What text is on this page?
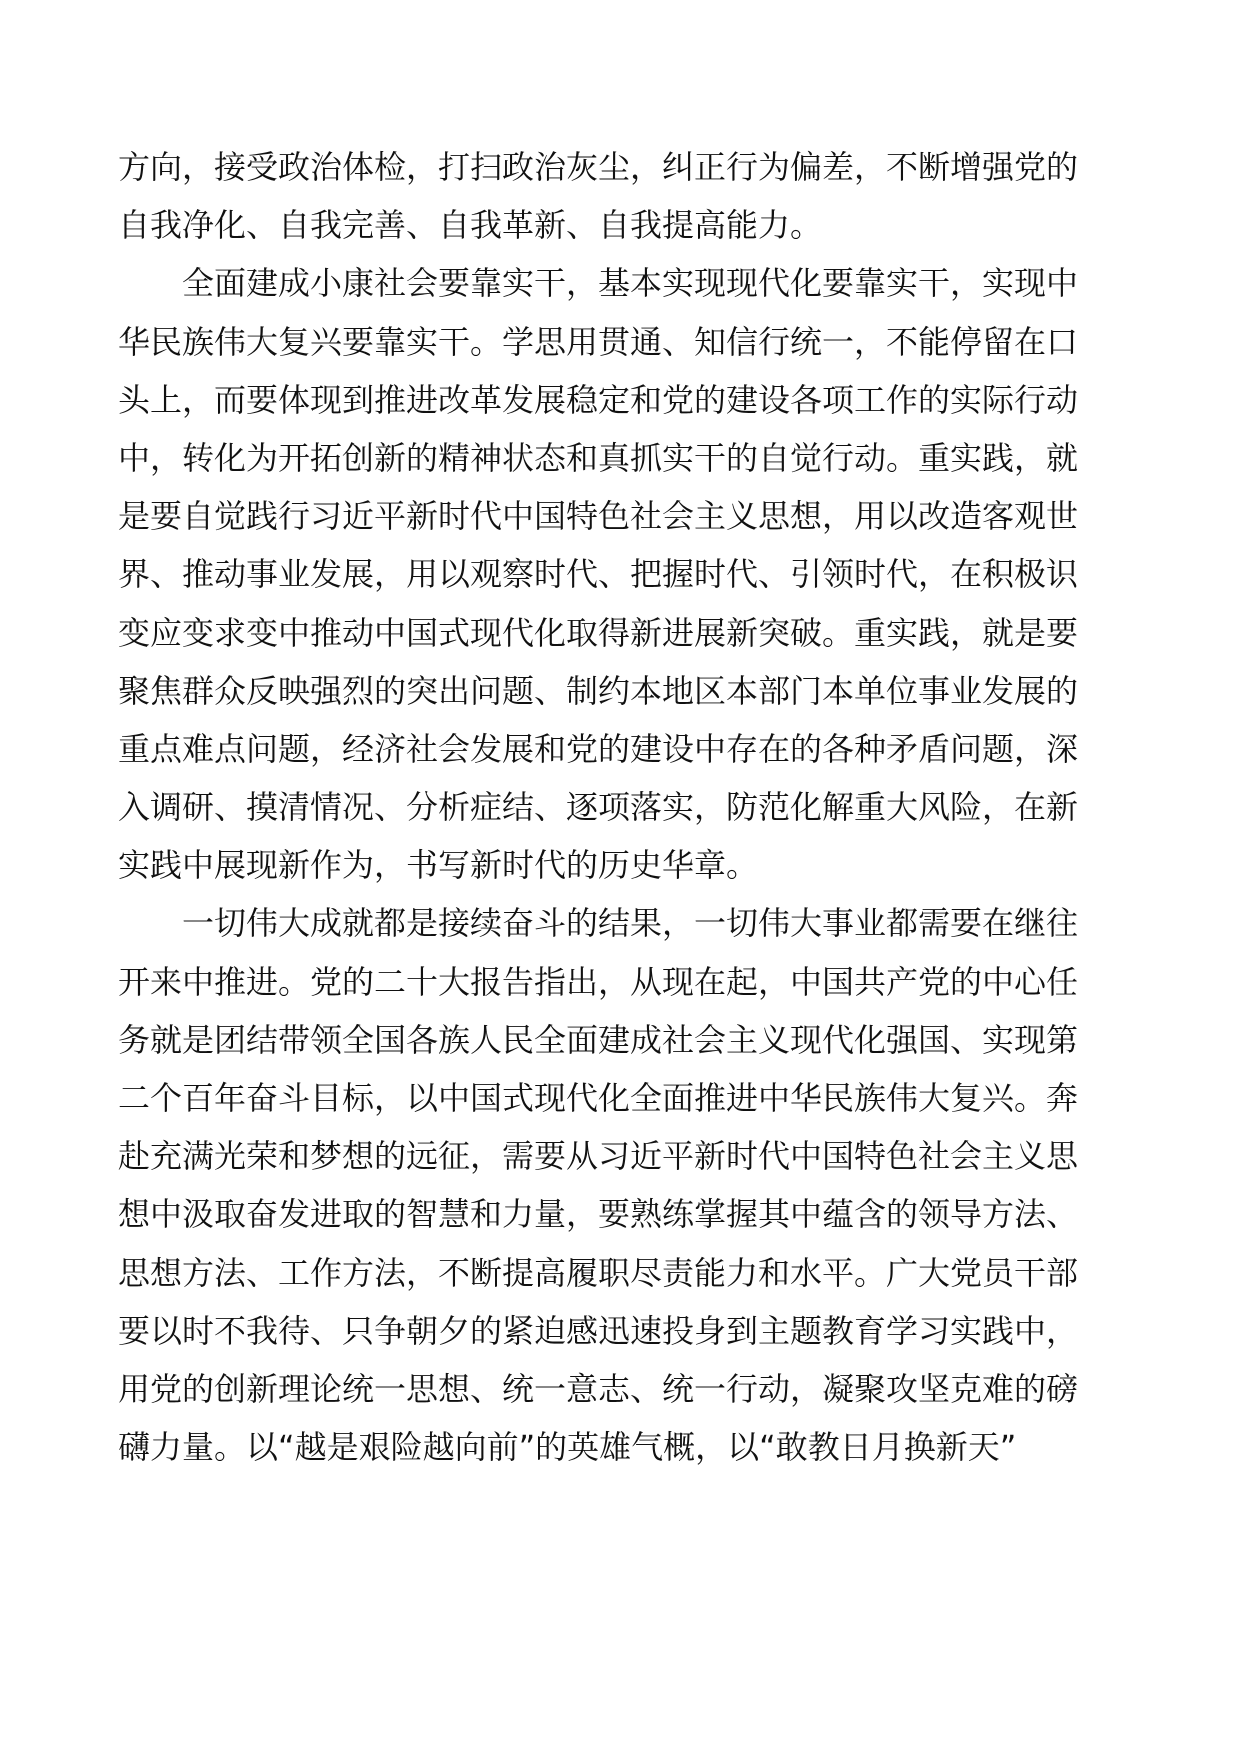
方向，接受政治体检，打扫政治灰尘，纠正行为偏差，不断增强党的
自我净化、自我完善、自我革新、自我提高能力。
全面建成小康社会要靠实干，基本实现现代化要靠实干，实现中
华民族伟大复兴要靠实干。学思用贯通、知信行统一，不能停留在口
头上，而要体现到推进改革发展稳定和党的建设各项工作的实际行动
中，转化为开拓创新的精神状态和真抓实干的自觉行动。重实践，就
是要自觉践行习近平新时代中国特色社会主义思想，用以改造客观世
界、推动事业发展，用以观察时代、把握时代、引领时代，在积极识
变应变求变中推动中国式现代化取得新进展新突破。重实践，就是要
聚焦群众反映强烈的突出问题、制约本地区本部门本单位事业发展的
重点难点问题，经济社会发展和党的建设中存在的各种矛盾问题，深
入调研、摸清情况、分析症结、逐项落实，防范化解重大风险，在新
实践中展现新作为，书写新时代的历史华章。
一切伟大成就都是接续奋斗的结果，一切伟大事业都需要在继往
开来中推进。党的二十大报告指出，从现在起，中国共产党的中心任
务就是团结带领全国各族人民全面建成社会主义现代化强国、实现第
二个百年奋斗目标，以中国式现代化全面推进中华民族伟大复兴。奔
赴充满光荣和梦想的远征，需要从习近平新时代中国特色社会主义思
想中汲取奋发进取的智慧和力量，要熟练掌握其中蕴含的领导方法、
思想方法、工作方法，不断提高履职尽责能力和水平。广大党员干部
要以时不我待、只争朝夕的紧迫感迅速投身到主题教育学习实践中，
用党的创新理论统一思想、统一意志、统一行动，凝聚攻坚克难的磅
礴力量。以“越是艰险越向前”的英雄气概，以“敢教日月换新天”
